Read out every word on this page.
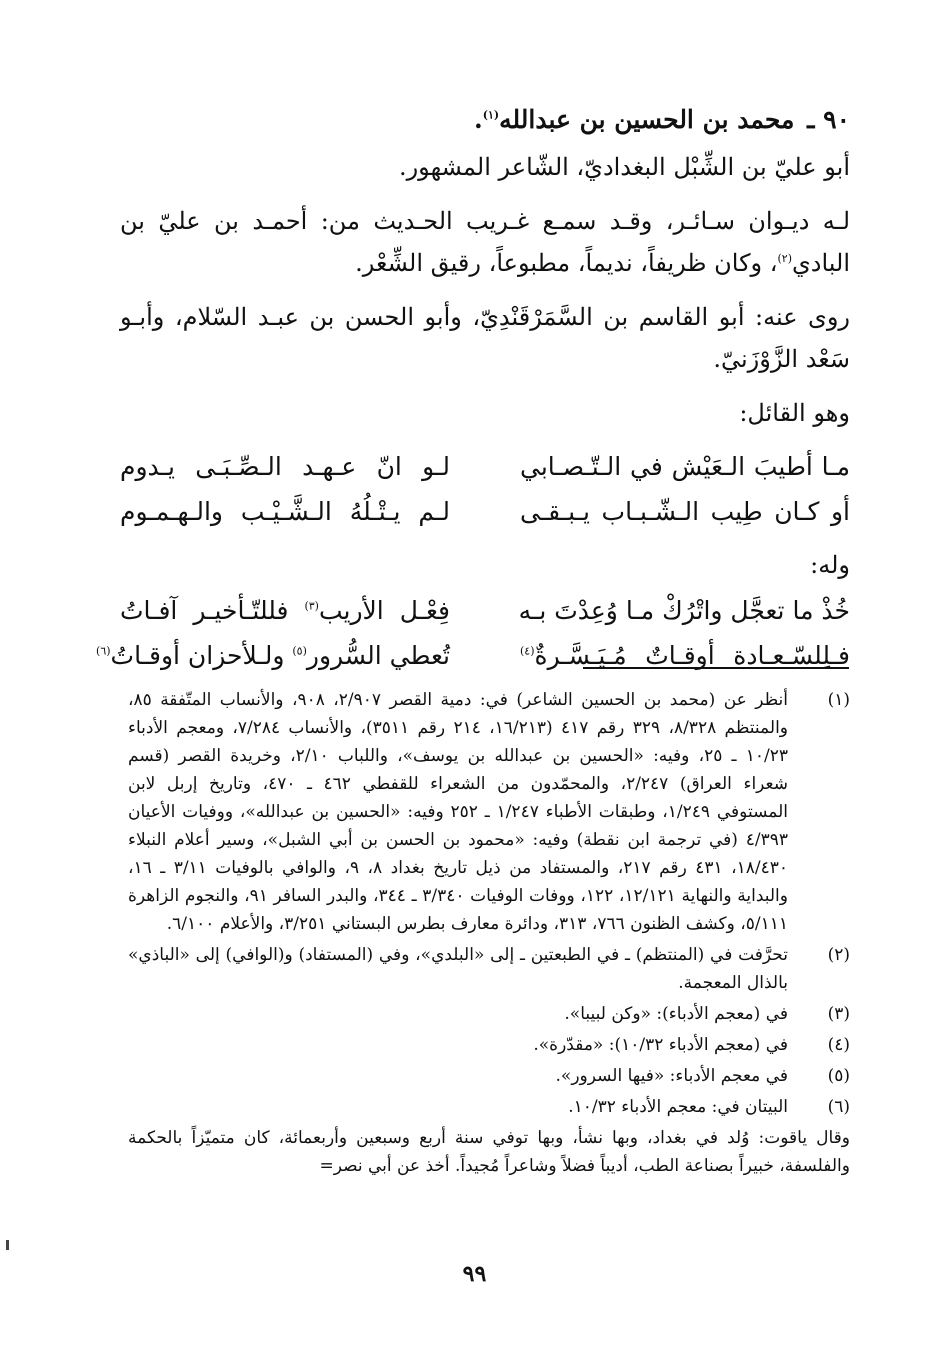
٩٠ ـ محمد بن الحسين بن عبدالله$^{(١)}$.
أبو عليّ بن الشِّبْل البغداديّ، الشّاعر المشهور.
لـه ديـوان سـائـر، وقـد سمـع غـريب الحـديث من: أحمـد بن عليّ بن البادي$^{(٢)}$، وكان ظريفاً، نديماً، مطبوعاً، رقيق الشِّعْر.
روى عنه: أبو القاسم بن السَّمَرْقَنْدِيّ، وأبو الحسن بن عبـد السّلام، وأبـو سَعْد الزَّوْزَنيّ.
وهو القائل:
مـا أطيبَ الـعَيْش في الـتّـصـابي
لـو انّ عـهـد الـصِّـبَـى يـدوم
أو كـان طِيب الـشّـبـاب يـبـقـى
لـم يـتْـلُهُ الـشَّـيْـب والـهـمـوم
وله:
خُذْ ما تعجَّل واتْرُكْ مـا وُعِدْتَ بـه
فِعْـل الأريب$^{(٣)}$ فللتّـأخيـر آفـاتُ
فـلِلسّـعـادة أوقـاتٌ مُـيَـسَّـرةٌ$^{(٤)}$
تُعطي السُّرور$^{(٥)}$ ولـلأحزان أوقـاتُ$^{(٦)}$
(١)
أنظر عن (محمد بن الحسين الشاعر) في: دمية القصر ٢/٩٠٧، ٩٠٨، والأنساب المتّفقة ٨٥، والمنتظم ٨/٣٢٨، ٣٢٩ رقم ٤١٧ (١٦/٢١٣، ٢١٤ رقم ٣٥١١)، والأنساب ٧/٢٨٤، ومعجم الأدباء ١٠/٢٣ ـ ٢٥، وفيه: «الحسين بن عبدالله بن يوسف»، واللباب ٢/١٠، وخريدة القصر (قسم شعراء العراق) ٢/٢٤٧، والمحمّدون من الشعراء للقفطي ٤٦٢ ـ ٤٧٠، وتاريخ إربل لابن المستوفي ١/٢٤٩، وطبقات الأطباء ١/٢٤٧ ـ ٢٥٢ وفيه: «الحسين بن عبدالله»، ووفيات الأعيان ٤/٣٩٣ (في ترجمة ابن نقطة) وفيه: «محمود بن الحسن بن أبي الشبل»، وسير أعلام النبلاء ١٨/٤٣٠، ٤٣١ رقم ٢١٧، والمستفاد من ذيل تاريخ بغداد ٨، ٩، والوافي بالوفيات ٣/١١ ـ ١٦، والبداية والنهاية ١٢/١٢١، ١٢٢، ووفات الوفيات ٣/٣٤٠ ـ ٣٤٤، والبدر السافر ٩١، والنجوم الزاهرة ٥/١١١، وكشف الظنون ٧٦٦، ٣١٣، ودائرة معارف بطرس البستاني ٣/٢٥١، والأعلام ٦/١٠٠.
(٢)
تحرَّفت في (المنتظم) ـ في الطبعتين ـ إلى «البلدي»، وفي (المستفاد) و(الوافي) إلى «الباذي» بالذال المعجمة.
(٣)
في (معجم الأدباء): «وكن لبيبا».
(٤)
في (معجم الأدباء ١٠/٣٢): «مقدّرة».
(٥)
في معجم الأدباء: «فيها السرور».
(٦)
البيتان في: معجم الأدباء ١٠/٣٢.

وقال ياقوت: وُلد في بغداد، وبها نشأ، وبها توفي سنة أربع وسبعين وأربعمائة، كان متميّزاً بالحكمة والفلسفة، خبيراً بصناعة الطب، أديباً فضلاً وشاعراً مُجيداً. أخذ عن أبي نصر=

٩٩
